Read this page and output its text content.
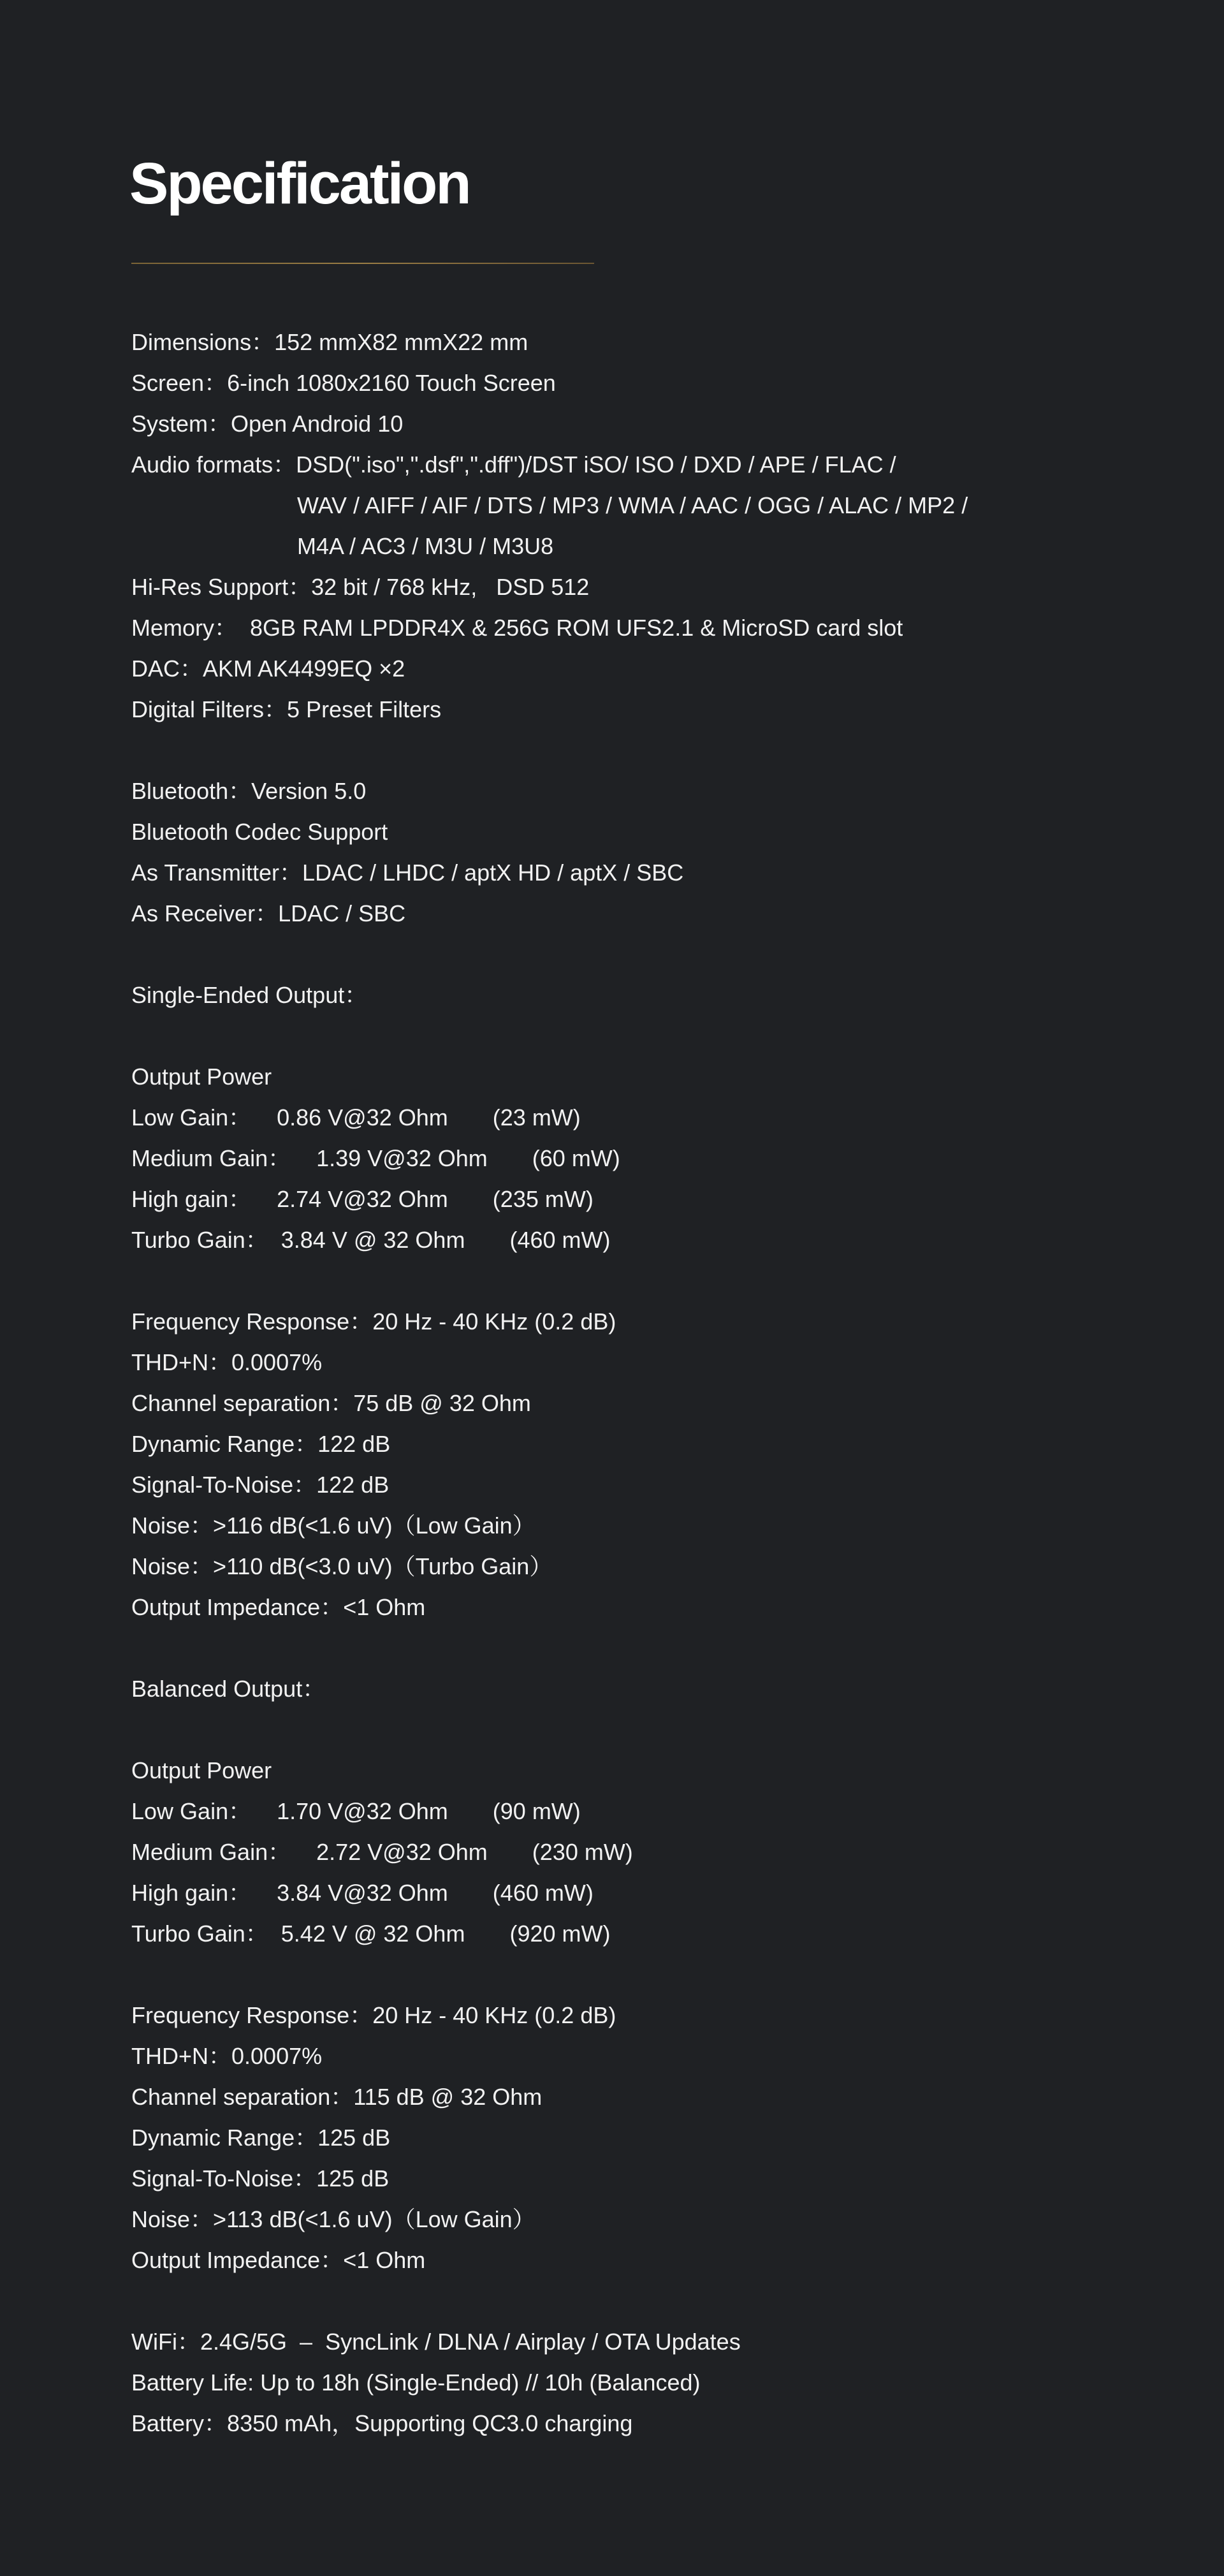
Specification
Dimensions：152 mmX82 mmX22 mm
Screen：6-inch 1080x2160 Touch Screen
System：Open Android 10
Audio formats：DSD(".iso",".dsf",".dff")/DST iSO/ ISO / DXD / APE / FLAC /
WAV / AIFF / AIF / DTS / MP3 / WMA / AAC / OGG / ALAC / MP2 /
M4A / AC3 / M3U / M3U8
Hi-Res Support：32 bit / 768 kHz,   DSD 512
Memory：  8GB RAM LPDDR4X & 256G ROM UFS2.1 & MicroSD card slot
DAC：AKM AK4499EQ ×2
Digital Filters：5 Preset Filters
Bluetooth：Version 5.0
Bluetooth Codec Support
As Transmitter：LDAC / LHDC / aptX HD / aptX / SBC
As Receiver：LDAC / SBC
Single-Ended Output：
Output Power
Low Gain：    0.86 V@32 Ohm       (23 mW)
Medium Gain：    1.39 V@32 Ohm       (60 mW)
High gain：    2.74 V@32 Ohm       (235 mW)
Turbo Gain：  3.84 V @ 32 Ohm       (460 mW)
Frequency Response：20 Hz - 40 KHz (0.2 dB)
THD+N：0.0007%
Channel separation：75 dB @ 32 Ohm
Dynamic Range：122 dB
Signal-To-Noise：122 dB
Noise：>116 dB(<1.6 uV)（Low Gain）
Noise：>110 dB(<3.0 uV)（Turbo Gain）
Output Impedance：<1 Ohm
Balanced Output：
Output Power
Low Gain：    1.70 V@32 Ohm       (90 mW)
Medium Gain：    2.72 V@32 Ohm       (230 mW)
High gain：    3.84 V@32 Ohm       (460 mW)
Turbo Gain：  5.42 V @ 32 Ohm       (920 mW)
Frequency Response：20 Hz - 40 KHz (0.2 dB)
THD+N：0.0007%
Channel separation：115 dB @ 32 Ohm
Dynamic Range：125 dB
Signal-To-Noise：125 dB
Noise：>113 dB(<1.6 uV)（Low Gain）
Output Impedance：<1 Ohm
WiFi：2.4G/5G  –  SyncLink / DLNA / Airplay / OTA Updates
Battery Life: Up to 18h (Single-Ended) // 10h (Balanced)
Battery：8350 mAh，Supporting QC3.0 charging
